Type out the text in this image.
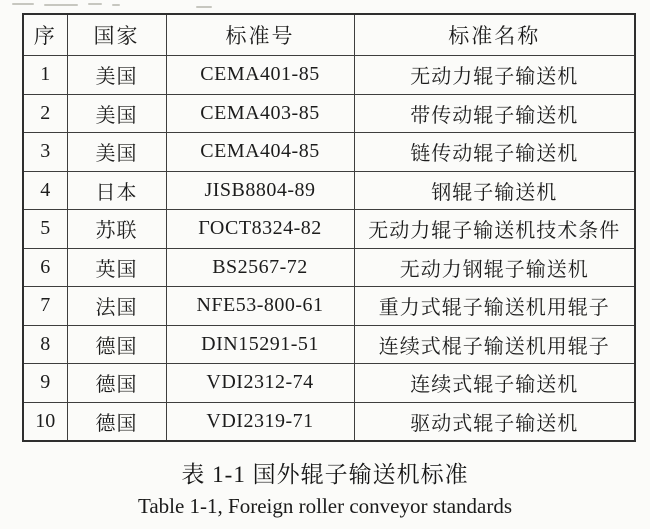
序	国家	标准号	标准名称
1	美国	CEMA401-85	无动力辊子输送机
2	美国	CEMA403-85	带传动辊子输送机
3	美国	CEMA404-85	链传动辊子输送机
4	日本	JISB8804-89	钢辊子输送机
5	苏联	ГОСТ8324-82	无动力辊子输送机技术条件
6	英国	BS2567-72	无动力钢辊子输送机
7	法国	NFE53-800-61	重力式辊子输送机用辊子
8	德国	DIN15291-51	连续式棍子输送机用辊子
9	德国	VDI2312-74	连续式辊子输送机
10	德国	VDI2319-71	驱动式辊子输送机
表 1-1 国外辊子输送机标准
Table 1-1, Foreign roller conveyor standards
